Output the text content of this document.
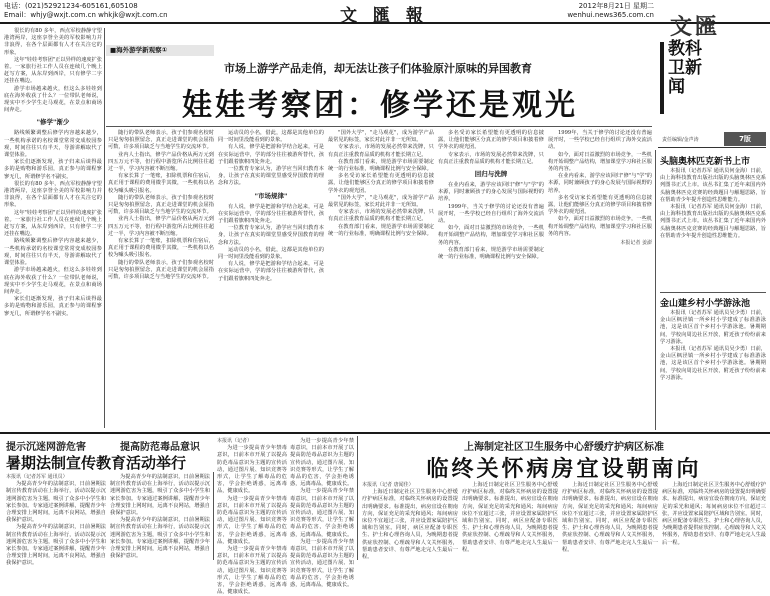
电话：(021)52921234-605161,605108
Email：whjy@wxjt.com.cn whkjk@wxjt.com.cn	文 匯 報	2012年8月21日 星期二
wenhui.news365.com.cn 文匯
教科卫新闻
责任编辑/金声涛	7版
■海外游学新观察①
市场上游学产品走俏，却无法让孩子们体验原汁原味的异国教育
娃娃考察团：修学还是观光

很长的有80 多年，西点军校静静守望港湾两岸，这座享誉全美的军校影响力并非浪得，在各个层面都有人才在关注它的形象。

这年"娃娃考察团"正以异样的速度扩张着。一家旅行社工作人员在连续几个晚上赶写方案，从东岸到西岸，只有修学二字还挂在嘴边。

游学市场越来越火，但这么多娃娃到底在海外收获了什么？一位带队老师说，现实中不少学生走马观花，在景点和商场间奔走。

"修学"渐少

路线频繁调整后修学内容越来越少，一些机构承诺的名校课堂常常变成校园参观，时间往往只有半天，导游讲解取代了课堂体验。

家长们逐渐发现，孩子归来后谈得最多的是购物和游乐园，真正参与的课程寥寥无几，所谓修学名不副实。

很长的有80 多年，西点军校静静守望港湾两岸，这座享誉全美的军校影响力并非浪得，在各个层面都有人才在关注它的形象。

这年"娃娃考察团"正以异样的速度扩张着。一家旅行社工作人员在连续几个晚上赶写方案，从东岸到西岸，只有修学二字还挂在嘴边。

路线频繁调整后修学内容越来越少，一些机构承诺的名校课堂常常变成校园参观，时间往往只有半天，导游讲解取代了课堂体验。

游学市场越来越火，但这么多娃娃到底在海外收获了什么？一位带队老师说，现实中不少学生走马观花，在景点和商场间奔走。

家长们逐渐发现，孩子归来后谈得最多的是购物和游乐园，真正参与的课程寥寥无几，所谓修学名不副实。

随行的带队老师表示，孩子们参观名校时只是匆匆拍照留念，真正走进课堂的机会屈指可数，许多项目缺乏与当地学生的交流环节。

业内人士指出，修学产品价格从两万元到四五万元不等，但行程中游览所占比例往往超过一半，学习内容被不断压缩。

有家长算了一笔账，扣除机票和住宿后，真正用于课程的费用微乎其微，一些机构以名校为噱头吸引报名。

随行的带队老师表示，孩子们参观名校时只是匆匆拍照留念，真正走进课堂的机会屈指可数，许多项目缺乏与当地学生的交流环节。

业内人士指出，修学产品价格从两万元到四五万元不等，但行程中游览所占比例往往超过一半，学习内容被不断压缩。

有家长算了一笔账，扣除机票和住宿后，真正用于课程的费用微乎其微，一些机构以名校为噱头吸引报名。

随行的带队老师表示，孩子们参观名校时只是匆匆拍照留念，真正走进课堂的机会屈指可数，许多项目缺乏与当地学生的交流环节。

运动员的小名，借此，这都是其他单位的同一时间里没能看到的景象。

有人说，修学是把游和学结合起来，可是在实际运营中，学的部分往往被游所替代，孩子们跟着旗帜四处奔走。

一位教育专家认为，游学应当回归教育本身，让孩子在真实的课堂里感受异国教育的理念和方法。

"市场规律"

有人说，修学是把游和学结合起来，可是在实际运营中，学的部分往往被游所替代，孩子们跟着旗帜四处奔走。

一位教育专家认为，游学应当回归教育本身，让孩子在真实的课堂里感受异国教育的理念和方法。

运动员的小名，借此，这都是其他单位的同一时间里没能看到的景象。

有人说，修学是把游和学结合起来，可是在实际运营中，学的部分往往被游所替代，孩子们跟着旗帜四处奔走。

"国外大学"，"走马观花"，成为游学产品最常见的标签，家长对此并非一无所知。

专家表示，市场的发展必然带来洗牌，只有真正注重教育品质的机构才能长期立足。

在教育部门看来，规范游学市场需要制定统一的行业标准，明确课程比例与安全保障。

多名受访家长希望能有更透明的信息披露，让他们能够区分真正的修学项目和披着修学外衣的观光团。

"国外大学"，"走马观花"，成为游学产品最常见的标签，家长对此并非一无所知。

专家表示，市场的发展必然带来洗牌，只有真正注重教育品质的机构才能长期立足。

在教育部门看来，规范游学市场需要制定统一的行业标准，明确课程比例与安全保障。

多名受访家长希望能有更透明的信息披露，让他们能够区分真正的修学项目和披着修学外衣的观光团。

专家表示，市场的发展必然带来洗牌，只有真正注重教育品质的机构才能长期立足。

回归与洗牌

在业内看来，游学应该回归"修"与"学"的本源，同时兼顾孩子的身心发展与国际视野的培养。

1999年，当关于修学的讨论还没有普遍展开时，一些学校已经自行组织了海外交流活动。

如今，面对日益激烈的市场竞争，一些机构开始调整产品结构，增加课堂学习和社区服务的内容。

在教育部门看来，规范游学市场需要制定统一的行业标准，明确课程比例与安全保障。

1999年，当关于修学的讨论还没有普遍展开时，一些学校已经自行组织了海外交流活动。

如今，面对日益激烈的市场竞争，一些机构开始调整产品结构，增加课堂学习和社区服务的内容。

在业内看来，游学应该回归"修"与"学"的本源，同时兼顾孩子的身心发展与国际视野的培养。

多名受访家长希望能有更透明的信息披露，让他们能够区分真正的修学项目和披着修学外衣的观光团。

如今，面对日益激烈的市场竞争，一些机构开始调整产品结构，增加课堂学习和社区服务的内容。

本报记者 姜澎
头脑奥林匹克新书上市

本报讯（记者苏军 通讯员何金海）日前，由上海科技教育出版社出版的头脑奥林匹克系列图书正式上市。该丛书汇集了近年来国内外头脑奥林匹克竞赛的经典题目与解题思路，旨在帮助青少年提升创造性思维能力。

本报讯（记者苏军 通讯员何金海）日前，由上海科技教育出版社出版的头脑奥林匹克系列图书正式上市。该丛书汇集了近年来国内外头脑奥林匹克竞赛的经典题目与解题思路，旨在帮助青少年提升创造性思维能力。

金山建乡村小学游泳池

本报讯（记者苏军 通讯员吴少勇）日前，金山区枫泾镇一所乡村小学建成了标准游泳池，这是该区首个乡村小学游泳池。暑期期间，学校向周边社区开放，附近孩子纷纷前来学习游泳。

本报讯（记者苏军 通讯员吴少勇）日前，金山区枫泾镇一所乡村小学建成了标准游泳池，这是该区首个乡村小学游泳池。暑期期间，学校向周边社区开放，附近孩子纷纷前来学习游泳。

提示沉迷网游危害
暑期法制宣传教育活动举行
本报讯（记者苏军 通讯员）

为提高青少年的法制意识，日前暑期法制宣传教育活动在上海举行，活动以提示沉迷网游危害为主题，吸引了众多中小学生和家长参加。专家通过案例讲解，提醒青少年合理安排上网时间，远离不良网站，增强自我保护意识。

为提高青少年的法制意识，日前暑期法制宣传教育活动在上海举行，活动以提示沉迷网游危害为主题，吸引了众多中小学生和家长参加。专家通过案例讲解，提醒青少年合理安排上网时间，远离不良网站，增强自我保护意识。

为提高青少年的法制意识，日前暑期法制宣传教育活动在上海举行，活动以提示沉迷网游危害为主题，吸引了众多中小学生和家长参加。专家通过案例讲解，提醒青少年合理安排上网时间，远离不良网站，增强自我保护意识。

为提高青少年的法制意识，日前暑期法制宣传教育活动在上海举行，活动以提示沉迷网游危害为主题，吸引了众多中小学生和家长参加。专家通过案例讲解，提醒青少年合理安排上网时间，远离不良网站，增强自我保护意识。

提高防范毒品意识
本报讯（记者）

为进一步提高青少年禁毒意识，日前本市开展了以提高防范毒品意识为主题的宣传活动，通过图片展、知识竞赛等形式，让学生了解毒品的危害，学会拒绝诱惑，远离毒品，健康成长。

为进一步提高青少年禁毒意识，日前本市开展了以提高防范毒品意识为主题的宣传活动，通过图片展、知识竞赛等形式，让学生了解毒品的危害，学会拒绝诱惑，远离毒品，健康成长。

为进一步提高青少年禁毒意识，日前本市开展了以提高防范毒品意识为主题的宣传活动，通过图片展、知识竞赛等形式，让学生了解毒品的危害，学会拒绝诱惑，远离毒品，健康成长。

为进一步提高青少年禁毒意识，日前本市开展了以提高防范毒品意识为主题的宣传活动，通过图片展、知识竞赛等形式，让学生了解毒品的危害，学会拒绝诱惑，远离毒品，健康成长。

为进一步提高青少年禁毒意识，日前本市开展了以提高防范毒品意识为主题的宣传活动，通过图片展、知识竞赛等形式，让学生了解毒品的危害，学会拒绝诱惑，远离毒品，健康成长。

为进一步提高青少年禁毒意识，日前本市开展了以提高防范毒品意识为主题的宣传活动，通过图片展、知识竞赛等形式，让学生了解毒品的危害，学会拒绝诱惑，远离毒品，健康成长。

上海制定社区卫生服务中心舒缓疗护病区标准
临终关怀病房宜设朝南向
本报讯（记者 唐闻佳）

上海近日制定社区卫生服务中心舒缓疗护病区标准，对临终关怀病房的设置提出明确要求。标准提出，病房宜设在朝南方向，保证充足的采光和通风；每间病房床位不宜超过三张，并应设置家属陪护区域和告别室。同时，病区应配备专职医生、护士和心理咨询人员，为晚期患者提供症状控制、心理疏导和人文关怀服务，帮助患者安详、有尊严地走完人生最后一程。

上海近日制定社区卫生服务中心舒缓疗护病区标准，对临终关怀病房的设置提出明确要求。标准提出，病房宜设在朝南方向，保证充足的采光和通风；每间病房床位不宜超过三张，并应设置家属陪护区域和告别室。同时，病区应配备专职医生、护士和心理咨询人员，为晚期患者提供症状控制、心理疏导和人文关怀服务，帮助患者安详、有尊严地走完人生最后一程。

上海近日制定社区卫生服务中心舒缓疗护病区标准，对临终关怀病房的设置提出明确要求。标准提出，病房宜设在朝南方向，保证充足的采光和通风；每间病房床位不宜超过三张，并应设置家属陪护区域和告别室。同时，病区应配备专职医生、护士和心理咨询人员，为晚期患者提供症状控制、心理疏导和人文关怀服务，帮助患者安详、有尊严地走完人生最后一程。

上海近日制定社区卫生服务中心舒缓疗护病区标准，对临终关怀病房的设置提出明确要求。标准提出，病房宜设在朝南方向，保证充足的采光和通风；每间病房床位不宜超过三张，并应设置家属陪护区域和告别室。同时，病区应配备专职医生、护士和心理咨询人员，为晚期患者提供症状控制、心理疏导和人文关怀服务，帮助患者安详、有尊严地走完人生最后一程。
